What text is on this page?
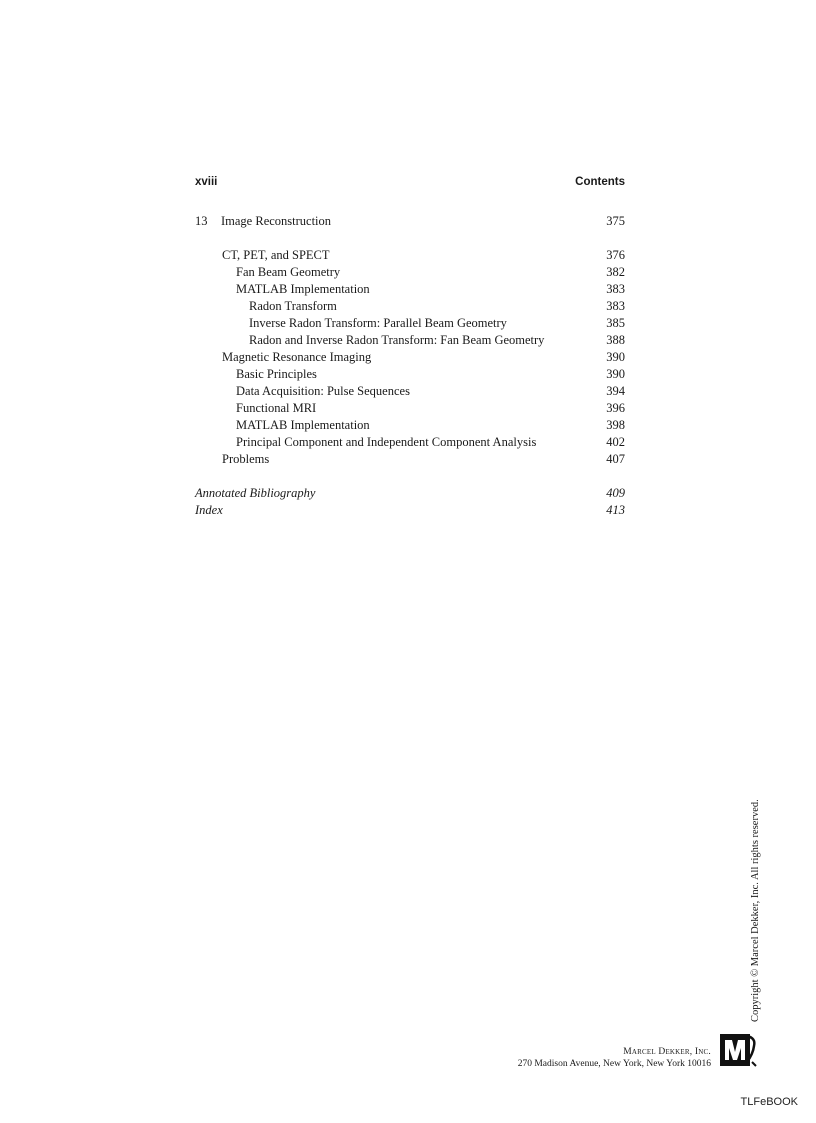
xviii	Contents
13 Image Reconstruction	375
CT, PET, and SPECT	376
Fan Beam Geometry	382
MATLAB Implementation	383
Radon Transform	383
Inverse Radon Transform: Parallel Beam Geometry	385
Radon and Inverse Radon Transform: Fan Beam Geometry	388
Magnetic Resonance Imaging	390
Basic Principles	390
Data Acquisition: Pulse Sequences	394
Functional MRI	396
MATLAB Implementation	398
Principal Component and Independent Component Analysis	402
Problems	407
Annotated Bibliography	409
Index	413
Copyright © Marcel Dekker, Inc. All rights reserved.
Marcel Dekker, Inc.
270 Madison Avenue, New York, New York 10016
TLFeBOOK
